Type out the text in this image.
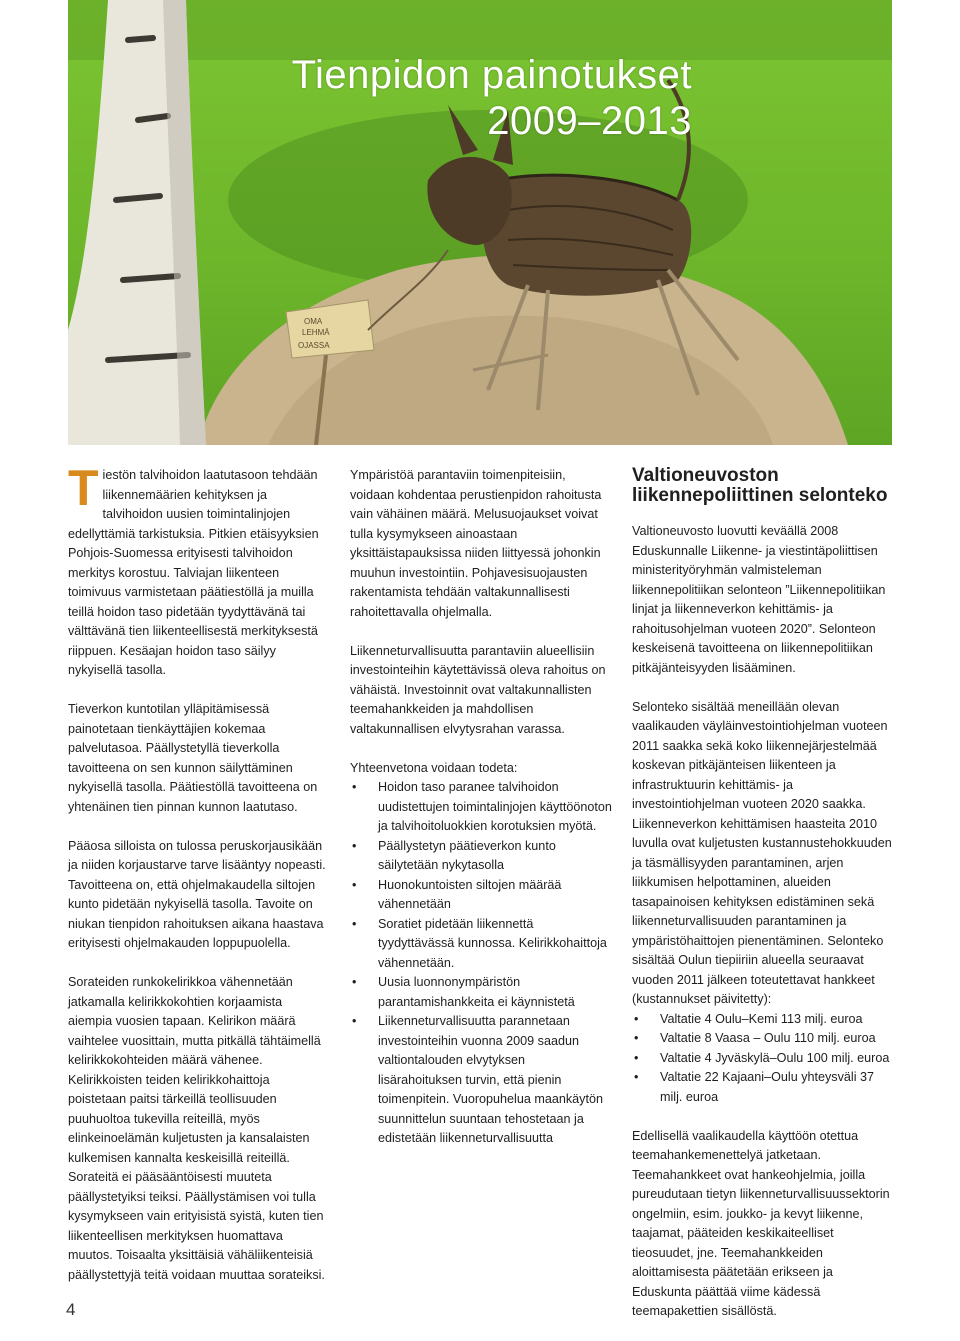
OMA
LEHMÄ
OJASSA
Tienpidon painotukset
2009–2013

Tiestön talvihoidon laatutasoon tehdään liikennemäärien kehityksen ja talvihoidon uusien toimintalinjojen edellyttämiä tarkistuksia. Pitkien etäisyyksien Pohjois-Suomessa erityisesti talvihoidon merkitys korostuu. Talviajan liikenteen toimivuus varmistetaan päätiestöllä ja muilla teillä hoidon taso pidetään tyydyttävänä tai välttävänä tien liikenteellisestä merkityksestä riippuen. Kesäajan hoidon taso säilyy nykyisellä tasolla.

Tieverkon kuntotilan ylläpitämisessä painotetaan tienkäyttäjien kokemaa palvelutasoa. Päällystetyllä tieverkolla tavoitteena on sen kunnon säilyttäminen nykyisellä tasolla. Päätiestöllä tavoitteena on yhtenäinen tien pinnan kunnon laatutaso.

Pääosa silloista on tulossa peruskorjausikään ja niiden korjaustarve tarve lisääntyy nopeasti. Tavoitteena on, että ohjelmakaudella siltojen kunto pidetään nykyisellä tasolla. Tavoite on niukan tienpidon rahoituksen aikana haastava erityisesti ohjelmakauden loppupuolella.

Sorateiden runkokelirikkoa vähennetään jatkamalla kelirikkokohtien korjaamista aiempia vuosien tapaan. Kelirikon määrä vaihtelee vuosittain, mutta pitkällä tähtäimellä kelirikkokohteiden määrä vähenee. Kelirikkoisten teiden kelirikkohaittoja poistetaan paitsi tärkeillä teollisuuden puuhuoltoa tukevilla reiteillä, myös elinkeinoelämän kuljetusten ja kansalaisten kulkemisen kannalta keskeisillä reiteillä. Sorateitä ei pääsääntöisesti muuteta päällystetyiksi teiksi. Päällystämisen voi tulla kysymykseen vain erityisistä syistä, kuten tien liikenteellisen merkityksen huomattava muutos. Toisaalta yksittäisiä vähäliikenteisiä päällystettyjä teitä voidaan muuttaa sorateiksi.

Ympäristöä parantaviin toimenpiteisiin, voidaan kohdentaa perustienpidon rahoitusta vain vähäinen määrä. Melusuojaukset voivat tulla kysymykseen ainoastaan yksittäistapauksissa niiden liittyessä johonkin muuhun investointiin. Pohjavesisuojausten rakentamista tehdään valtakunnallisesti rahoitettavalla ohjelmalla.

Liikenneturvallisuutta parantaviin alueellisiin investointeihin käytettävissä oleva rahoitus on vähäistä. Investoinnit ovat valtakunnallisten teemahankkeiden ja mahdollisen valtakunnallisen elvytysrahan varassa.

Yhteenvetona voidaan todeta:

• Hoidon taso paranee talvihoidon uudistettujen toimintalinjojen käyttöönoton ja talvihoitoluokkien korotuksien myötä.
• Päällystetyn päätieverkon kunto säilytetään nykytasolla
• Huonokuntoisten siltojen määrää vähennetään
• Soratiet pidetään liikennettä tyydyttävässä kunnossa. Kelirikkohaittoja vähennetään.
• Uusia luonnonympäristön parantamishankkeita ei käynnistetä
• Liikenneturvallisuutta parannetaan investointeihin vuonna 2009 saadun valtiontalouden elvytyksen lisärahoituksen turvin, että pienin toimenpitein. Vuoropuhelua maankäytön suunnittelun suuntaan tehostetaan ja edistetään liikenneturvallisuutta
Valtioneuvoston liikennepoliittinen selonteko

Valtioneuvosto luovutti keväällä 2008 Eduskunnalle Liikenne- ja viestintäpoliittisen ministerityöryhmän valmisteleman liikennepolitiikan selonteon ”Liikennepolitiikan linjat ja liikenneverkon kehittämis- ja rahoitusohjelman vuoteen 2020”. Selonteon keskeisenä tavoitteena on liikennepolitiikan pitkäjänteisyyden lisääminen.

Selonteko sisältää meneillään olevan vaalikauden väyläinvestointiohjelman vuoteen 2011 saakka sekä koko liikennejärjestelmää koskevan pitkäjänteisen liikenteen ja infrastruktuurin kehittämis- ja investointiohjelman vuoteen 2020 saakka. Liikenneverkon kehittämisen haasteita 2010 luvulla ovat kuljetusten kustannustehokkuuden ja täsmällisyyden parantaminen, arjen liikkumisen helpottaminen, alueiden tasapainoisen kehityksen edistäminen sekä liikenneturvallisuuden parantaminen ja ympäristöhaittojen pienentäminen. Selonteko sisältää Oulun tiepiiriin alueella seuraavat vuoden 2011 jälkeen toteutettavat hankkeet (kustannukset päivitetty):

• Valtatie 4 Oulu–Kemi 113 milj. euroa
• Valtatie 8 Vaasa – Oulu 110 milj. euroa
• Valtatie 4 Jyväskylä–Oulu 100 milj. euroa
• Valtatie 22 Kajaani–Oulu yhteysväli 37 milj. euroa

Edellisellä vaalikaudella käyttöön otettua teemahankemenettelyä jatketaan. Teemahankkeet ovat hankeohjelmia, joilla pureudutaan tietyn liikenneturvallisuussektorin ongelmiin, esim. joukko- ja kevyt liikenne, taajamat, pääteiden keskikaiteelliset tieosuudet, jne. Teemahankkeiden aloittamisesta päätetään erikseen ja Eduskunta päättää viime kädessä teemapakettien sisällöstä.

4
